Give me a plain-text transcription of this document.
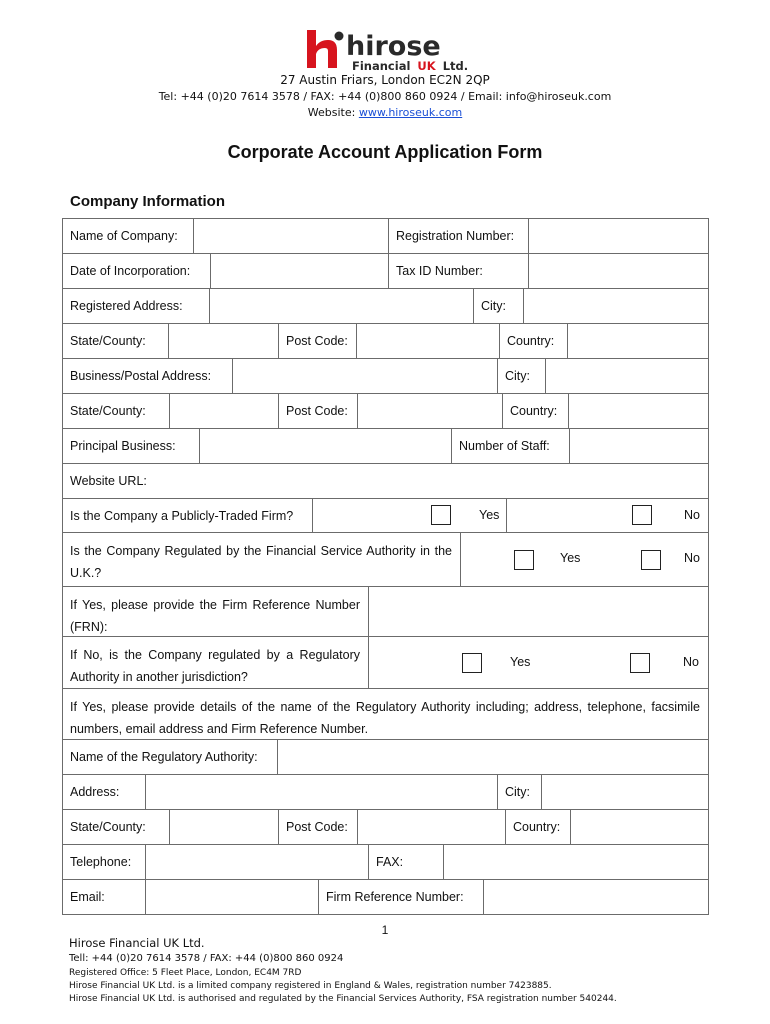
hirose
Financial UK Ltd.
27 Austin Friars, London EC2N 2QP
Tel: +44 (0)20 7614 3578 / FAX: +44 (0)800 860 0924 / Email: info@hiroseuk.com
Website: www.hiroseuk.com
Corporate Account Application Form
Company Information
Name of Company:	Registration Number:
Date of Incorporation:	Tax ID Number:
Registered Address:	City:
State/County:	Post Code:	Country:
Business/Postal Address:	City:
State/County:	Post Code:	Country:
Principal Business:	Number of Staff:
Website URL:
Is the Company a Publicly-Traded Firm?	Yes	No
Is the Company Regulated by the Financial Service Authority in the U.K.?
Yes	No
If Yes, please provide the Firm Reference Number (FRN):
If No, is the Company regulated by a Regulatory Authority in another jurisdiction?
Yes	No
If Yes, please provide details of the name of the Regulatory Authority including; address, telephone, facsimile numbers, email address and Firm Reference Number.
Name of the Regulatory Authority:
Address:	City:
State/County:	Post Code:	Country:
Telephone:	FAX:
Email:	Firm Reference Number:
1
Hirose Financial UK Ltd.
Tell: +44 (0)20 7614 3578 / FAX: +44 (0)800 860 0924
Registered Office: 5 Fleet Place, London, EC4M 7RD
Hirose Financial UK Ltd. is a limited company registered in England & Wales, registration number 7423885.
Hirose Financial UK Ltd. is authorised and regulated by the Financial Services Authority, FSA registration number 540244.
